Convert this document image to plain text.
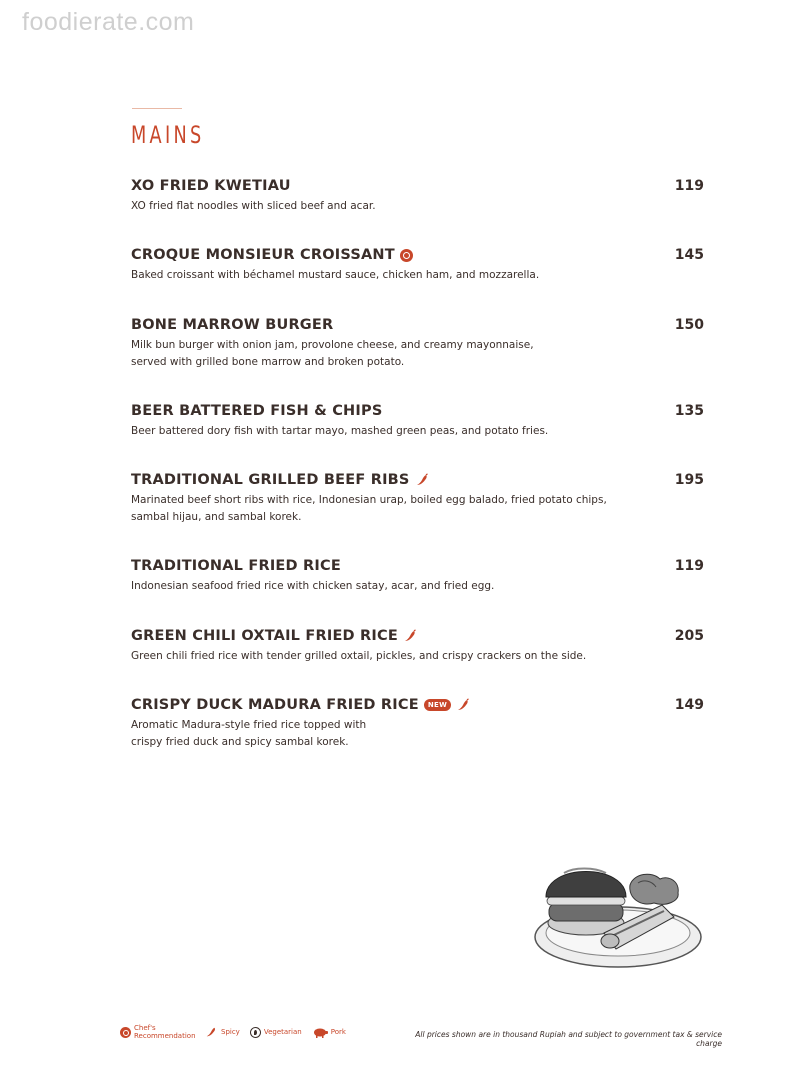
foodierate.com
MAINS
XO FRIED KWETIAU	119
XO fried flat noodles with sliced beef and acar.
CROQUE MONSIEUR CROISSANT	145
Baked croissant with béchamel mustard sauce, chicken ham, and mozzarella.
BONE MARROW BURGER	150
Milk bun burger with onion jam, provolone cheese, and creamy mayonnaise,
served with grilled bone marrow and broken potato.
BEER BATTERED FISH & CHIPS	135
Beer battered dory fish with tartar mayo, mashed green peas, and potato fries.
TRADITIONAL GRILLED BEEF RIBS	195
Marinated beef short ribs with rice, Indonesian urap, boiled egg balado, fried potato chips,
sambal hijau, and sambal korek.
TRADITIONAL FRIED RICE	119
Indonesian seafood fried rice with chicken satay, acar, and fried egg.
GREEN CHILI OXTAIL FRIED RICE	205
Green chili fried rice with tender grilled oxtail, pickles, and crispy crackers on the side.
CRISPY DUCK MADURA FRIED RICE	NEW	149
Aromatic Madura-style fried rice topped with
crispy fried duck and spicy sambal korek.
Chef's Recommendation	Spicy	Vegetarian	Pork	All prices shown are in thousand Rupiah and subject to government tax & service charge
